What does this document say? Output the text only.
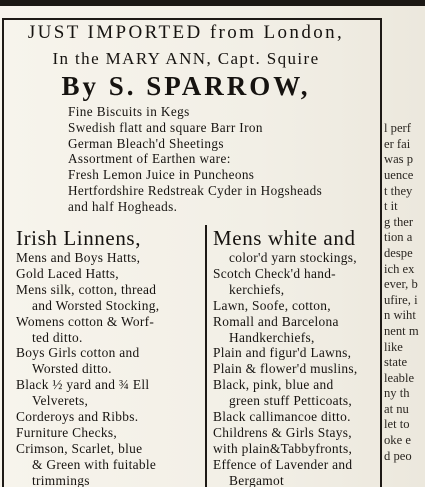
JUST IMPORTED from London,
In the MARY ANN, Capt. Squire
By S. SPARROW,
Fine Biscuits in Kegs
Swedish flatt and square Barr Iron
German Bleach'd Sheetings
Assortment of Earthen ware:
Fresh Lemon Juice in Puncheons
Hertfordshire Redstreak Cyder in Hogsheads
and half Hogheads.
Irish Linnens,
Mens and Boys Hatts,
Gold Laced Hatts,
Mens silk, cotton, thread
and Worsted Stocking,
Womens cotton & Worf-
ted ditto.
Boys Girls cotton and
Worsted ditto.
Black ½ yard and ¾ Ell
Velverets,
Corderoys and Ribbs.
Furniture Checks,
Crimson, Scarlet, blue
& Green with fuitable
trimmings
Mens white and
color'd yarn stockings,
Scotch Check'd hand-
kerchiefs,
Lawn, Soofe, cotton,
Romall and Barcelona
Handkerchiefs,
Plain and figur'd Lawns,
Plain & flower'd muslins,
Black, pink, blue and
green stuff Petticoats,
Black callimancoe ditto.
Childrens & Girls Stays,
with plain&Tabbyfronts,
Effence of Lavender and
Bergamot
l perf
er fai
was p
uence
t they
t it
g ther
tion a
despe
ich ex
ever, b
ufire, i
n wiht
nent m
like
state
leable
ny th
at nu
let to
oke e
d peo
